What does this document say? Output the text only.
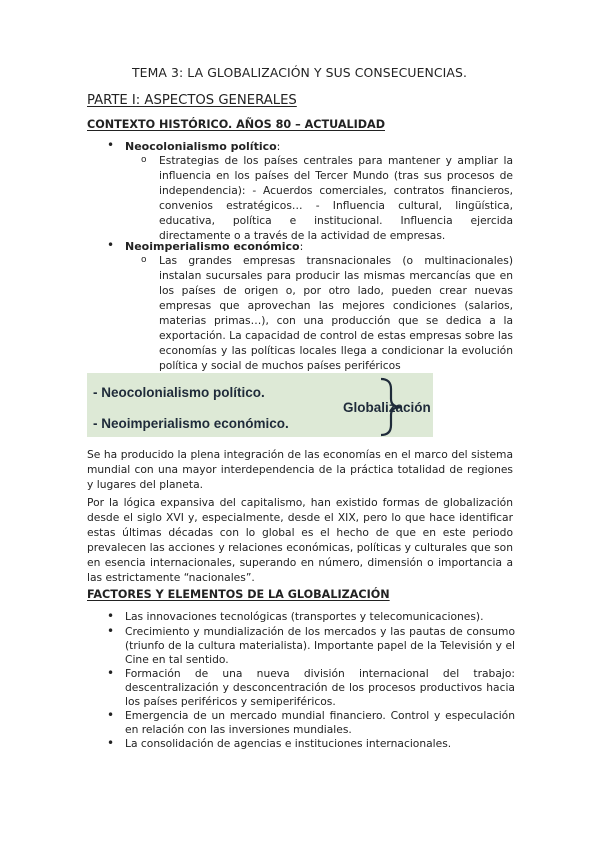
TEMA 3: LA GLOBALIZACIÓN Y SUS CONSECUENCIAS.
PARTE I: ASPECTOS GENERALES
CONTEXTO HISTÓRICO. AÑOS 80 – ACTUALIDAD
• Neocolonialismo político:
o Estrategias de los países centrales para mantener y ampliar la influencia en los países del Tercer Mundo (tras sus procesos de independencia): - Acuerdos comerciales, contratos financieros, convenios estratégicos… - Influencia cultural, lingüística, educativa, política e institucional. Influencia ejercida directamente o a través de la actividad de empresas.
• Neoimperialismo económico:
o Las grandes empresas transnacionales (o multinacionales) instalan sucursales para producir las mismas mercancías que en los países de origen o, por otro lado, pueden crear nuevas empresas que aprovechan las mejores condiciones (salarios, materias primas…), con una producción que se dedica a la exportación. La capacidad de control de estas empresas sobre las economías y las políticas locales llega a condicionar la evolución política y social de muchos países periféricos
- Neocolonialismo político.
- Neoimperialismo económico.
Globalización
Se ha producido la plena integración de las economías en el marco del sistema mundial con una mayor interdependencia de la práctica totalidad de regiones y lugares del planeta.
Por la lógica expansiva del capitalismo, han existido formas de globalización desde el siglo XVI y, especialmente, desde el XIX, pero lo que hace identificar estas últimas décadas con lo global es el hecho de que en este periodo prevalecen las acciones y relaciones económicas, políticas y culturales que son en esencia internacionales, superando en número, dimensión o importancia a las estrictamente “nacionales”.
FACTORES Y ELEMENTOS DE LA GLOBALIZACIÓN
• Las innovaciones tecnológicas (transportes y telecomunicaciones).
• Crecimiento y mundialización de los mercados y las pautas de consumo (triunfo de la cultura materialista). Importante papel de la Televisión y el Cine en tal sentido.
• Formación de una nueva división internacional del trabajo: descentralización y desconcentración de los procesos productivos hacia los países periféricos y semiperiféricos.
• Emergencia de un mercado mundial financiero. Control y especulación en relación con las inversiones mundiales.
• La consolidación de agencias e instituciones internacionales.
